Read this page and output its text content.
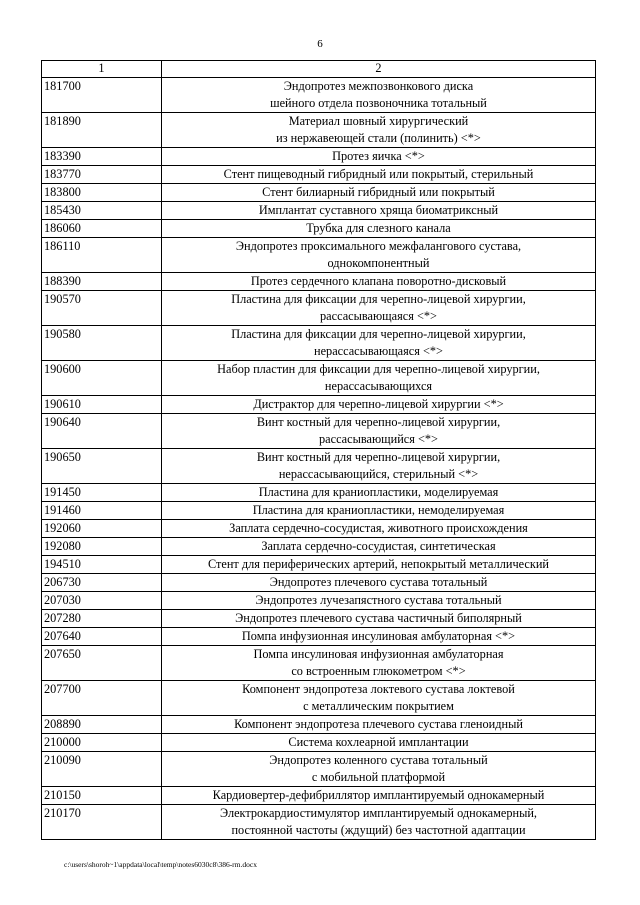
6
1	2
181700	Эндопротез межпозвонкового диска
шейного отдела позвоночника тотальный

181890	Материал шовный хирургический
из нержавеющей стали (полинить) <*>

183390	Протез яичка <*>

183770	Стент пищеводный гибридный или покрытый, стерильный

183800	Стент билиарный гибридный или покрытый

185430	Имплантат суставного хряща биоматриксный

186060	Трубка для слезного канала

186110	Эндопротез проксимального межфалангового сустава,
однокомпонентный

188390	Протез сердечного клапана поворотно-дисковый

190570	Пластина для фиксации для черепно-лицевой хирургии,
рассасывающаяся <*>

190580	Пластина для фиксации для черепно-лицевой хирургии,
нерассасывающаяся <*>

190600	Набор пластин для фиксации для черепно-лицевой хирургии,
нерассасывающихся

190610	Дистрактор для черепно-лицевой хирургии <*>

190640	Винт костный для черепно-лицевой хирургии,
рассасывающийся <*>

190650	Винт костный для черепно-лицевой хирургии,
нерассасывающийся, стерильный <*>

191450	Пластина для краниопластики, моделируемая

191460	Пластина для краниопластики, немоделируемая

192060	Заплата сердечно-сосудистая, животного происхождения

192080	Заплата сердечно-сосудистая, синтетическая

194510	Стент для периферических артерий, непокрытый металлический

206730	Эндопротез плечевого сустава тотальный

207030	Эндопротез лучезапястного сустава тотальный

207280	Эндопротез плечевого сустава частичный биполярный

207640	Помпа инфузионная инсулиновая амбулаторная <*>

207650	Помпа инсулиновая инфузионная амбулаторная
со встроенным глюкометром <*>

207700	Компонент эндопротеза локтевого сустава локтевой
с металлическим покрытием

208890	Компонент эндопротеза плечевого сустава гленоидный

210000	Система кохлеарной имплантации

210090	Эндопротез коленного сустава тотальный
с мобильной платформой

210150	Кардиовертер-дефибриллятор имплантируемый однокамерный

210170	Электрокардиостимулятор имплантируемый однокамерный,
постоянной частоты (ждущий) без частотной адаптации
c:\users\shoroh~1\appdata\local\temp\notes6030c8\386-rm.docx
